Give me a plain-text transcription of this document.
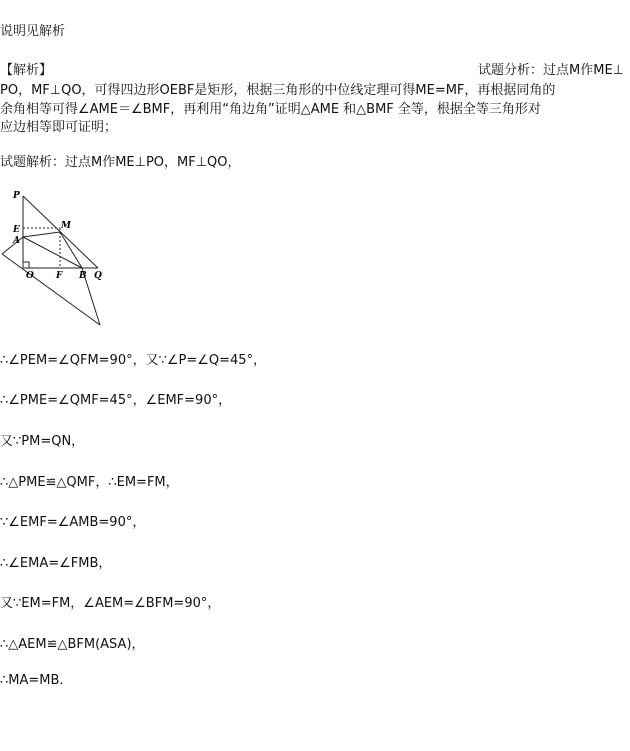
说明见解析
【解析】	试题分析：过点M作ME⊥
PO，MF⊥QO，可得四边形OEBF是矩形，根据三角形的中位线定理可得ME=MF，再根据同角的
余角相等可得∠AME＝∠BMF，再利用“角边角”证明△AME 和△BMF 全等，根据全等三角形对
应边相等即可证明；
试题解析：过点M作ME⊥PO，MF⊥QO，
P
M
E
A
O F B Q
∴∠PEM=∠QFM=90°，又∵∠P=∠Q=45°，
∴∠PME=∠QMF=45°，∠EMF=90°，
又∵PM=QN，
∴△PME≌△QMF，∴EM=FM，
∵∠EMF=∠AMB=90°，
∴∠EMA=∠FMB，
又∵EM=FM，∠AEM=∠BFM=90°，
∴△AEM≌△BFM(ASA)，
∴MA=MB.
